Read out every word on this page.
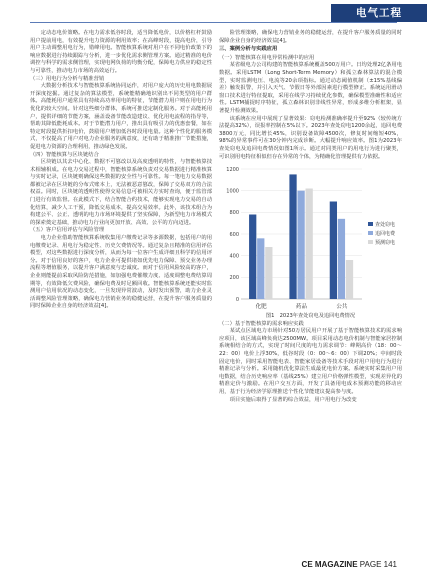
电气工程
定动态电价策略。在电力需求低谷时段，适当降低电价，以价格杠杆鼓励用户提前用电，有效提升电力资源的利用效率；在高峰时段，提高电价，引导用户主动调整用电行为，错峰用电。智能核算系统对用户在不同电价政策下的响应数据进行持续跟踪与分析，进一步优化需求侧管理方案。通过精准的电价调控与科学的需求侧管理，实现电网负荷的均衡分配，保障电力供应的稳定性与可靠性，推动电力市场的高效运行。
（三）用电行为分析与精准营销
大数据分析技术与智能核算系统协同运作，对用户庞大的历史用电数据展开深度挖掘。通过复杂的算法模型，系统能精确地识别出不同类型的用户群体。高能耗用户通常具有持续高功率用电的特征，节能潜力用户则在用电行为优化的较大空间。针对这些细分群体，系统可推送定制化服务。对于高能耗用户，提供详细的节能方案，涵盖设备节能改造建议、优化用电流程的指导等，帮助其降低能耗成本。对于节能潜力用户，推出具有吸引力的优惠套餐，如在特定时段提供折扣电价，鼓励用户增加低谷时段用电量。这种个性化的服务模式，不仅提高了用户对电力企业服务的满意度，还有助于精准推广节能措施，促进电力资源的合理利用，推动绿色发展。
（四）智能核算与区块链结合
区块链以其去中心化、数据不可篡改以及高度透明的特性，与智能核算技术相辅相成。在电力交易过程中，智能核算系统负责对交易数据进行精准核算与实时记录，区块链则确保这些数据的安全性与可靠性。每一笔电力交易数据都被记录在区块链的分布式账本上，无法被恶意篡改，保障了交易双方的合法权益。同时，区块链的透明性使得交易信息可被相关方实时查询，便于监管部门进行有效监督。在此模式下，结合智能合约技术，能够实现电力交易的自动化结算，减少人工干预，降低交易成本，提高交易效率。此外，该技术组合为构建公平、公正、透明的电力市场环境提供了坚实保障，为新型电力市场模式的探索奠定基础，推动电力行业向更加开放、高效、公平的方向迈进。
（五）客户信用评估与风险管理
电力企业借助智能核算系统收集用户缴费记录等多源数据，包括用户的用电缴费记录、用电行为稳定性、历史欠费情况等。通过复杂且精准的信用评估模型，对这些数据进行深度分析，从而为每一位客户生成详细且科学的信用评分。对于信用良好的客户，电力企业可提供诸如优先电力保障、预交业务办理流程等增值服务，以提升客户满意度与忠诚度。而对于信用风险较高的客户，企业则能提前采取风险防范措施，如加强电费催缴力度、适度调整电费结算周期等，有效降低欠费风险，确保电费及时足额回收。智能核算系统还能实时监测用户信用状况的动态变化，一旦发现异常波动，及时发出预警，助力企业灵活调整风险管理策略，确保电力营销业务的稳健运营，在提升客户服务质量的同时保障企业自身的经济效益[4]。
险管理策略，确保电力营销业务的稳健运营，在提升客户服务质量的同时保障企业自身的经济效益[4]。
三、案例分析与实践应用
（一）智能核算在用电异常检测中的应用
某省级电力公司构建的智能核算系统覆盖500万用户。日均处理2亿条用电数据。采用LSTM（Long Short-Term Memory）和孤立森林算法的混合模型，实时监测电压、电流等20余项指标。通过动态阈值机制（±15%基线偏差）触发报警，并引入天气、节假日等外部因素进行模型修正。系统运用滑动窗口技术进行特征提取，采用在线学习持续优化参数，确保模型准确性和适应性。LSTM捕捉时序特征，孤立森林识别非线性异常，形成多维分析框架，显著提升检测效果。
该系统在应用中展现了显著效果：窃电检测准确率提升至92%（较传统方法提高32%），误报率控制在5%以下。2023年查处窃电1200余起，追回电费3800万元，同比增长45%，识别设备故障4500次，修复时间缩短40%，98%的异常事件可在30分钟内完成诊断。大幅提升响应效率。图1为2023年查处窃电及追回电费情况如图1所示。通过对同类用户的用电行为进行聚类，可识别用电特征相似但存在异常的个体，为精确化管理提供有力依据。
0
200
400
600
800
1000
1200
化肥	药品	公共
查处窃电
追回电费
预测窃电
图1　2023年查处窃电及追回电费情况
（二）基于智能核算的需求响应实践
某试点区域电力市场针对50万居民用户开展了基于智能核算技术的需求响应项目，该区域高峰负荷达2500MW。项目采用动态电价机制与智能家居控制系统相结合的方式，实现了时间尺度的电力需求调节：峰期高价（18：00～22：00）电价上浮30%，低谷时段（0：00～6：00）下调20%；中间时段固定电价，同时采用智能电表、智能家居设备等技术手段对用户用电行为进行精准记录与分析。采用随机优化算法生成最优电价方案。系统实时采集用户用电数据，结合历史响应率（基线25%）建立用户价格弹性模型，实现差异化的精准定价与激励。在用户交互方面，开发了具备用电成本预测功能的移动应用，基于行为经济学原理推送个性化节能建议提高参与度。
项目实施后取得了显著的综合效益，用户用电行为改变
CE MAGAZINE PAGE 141
